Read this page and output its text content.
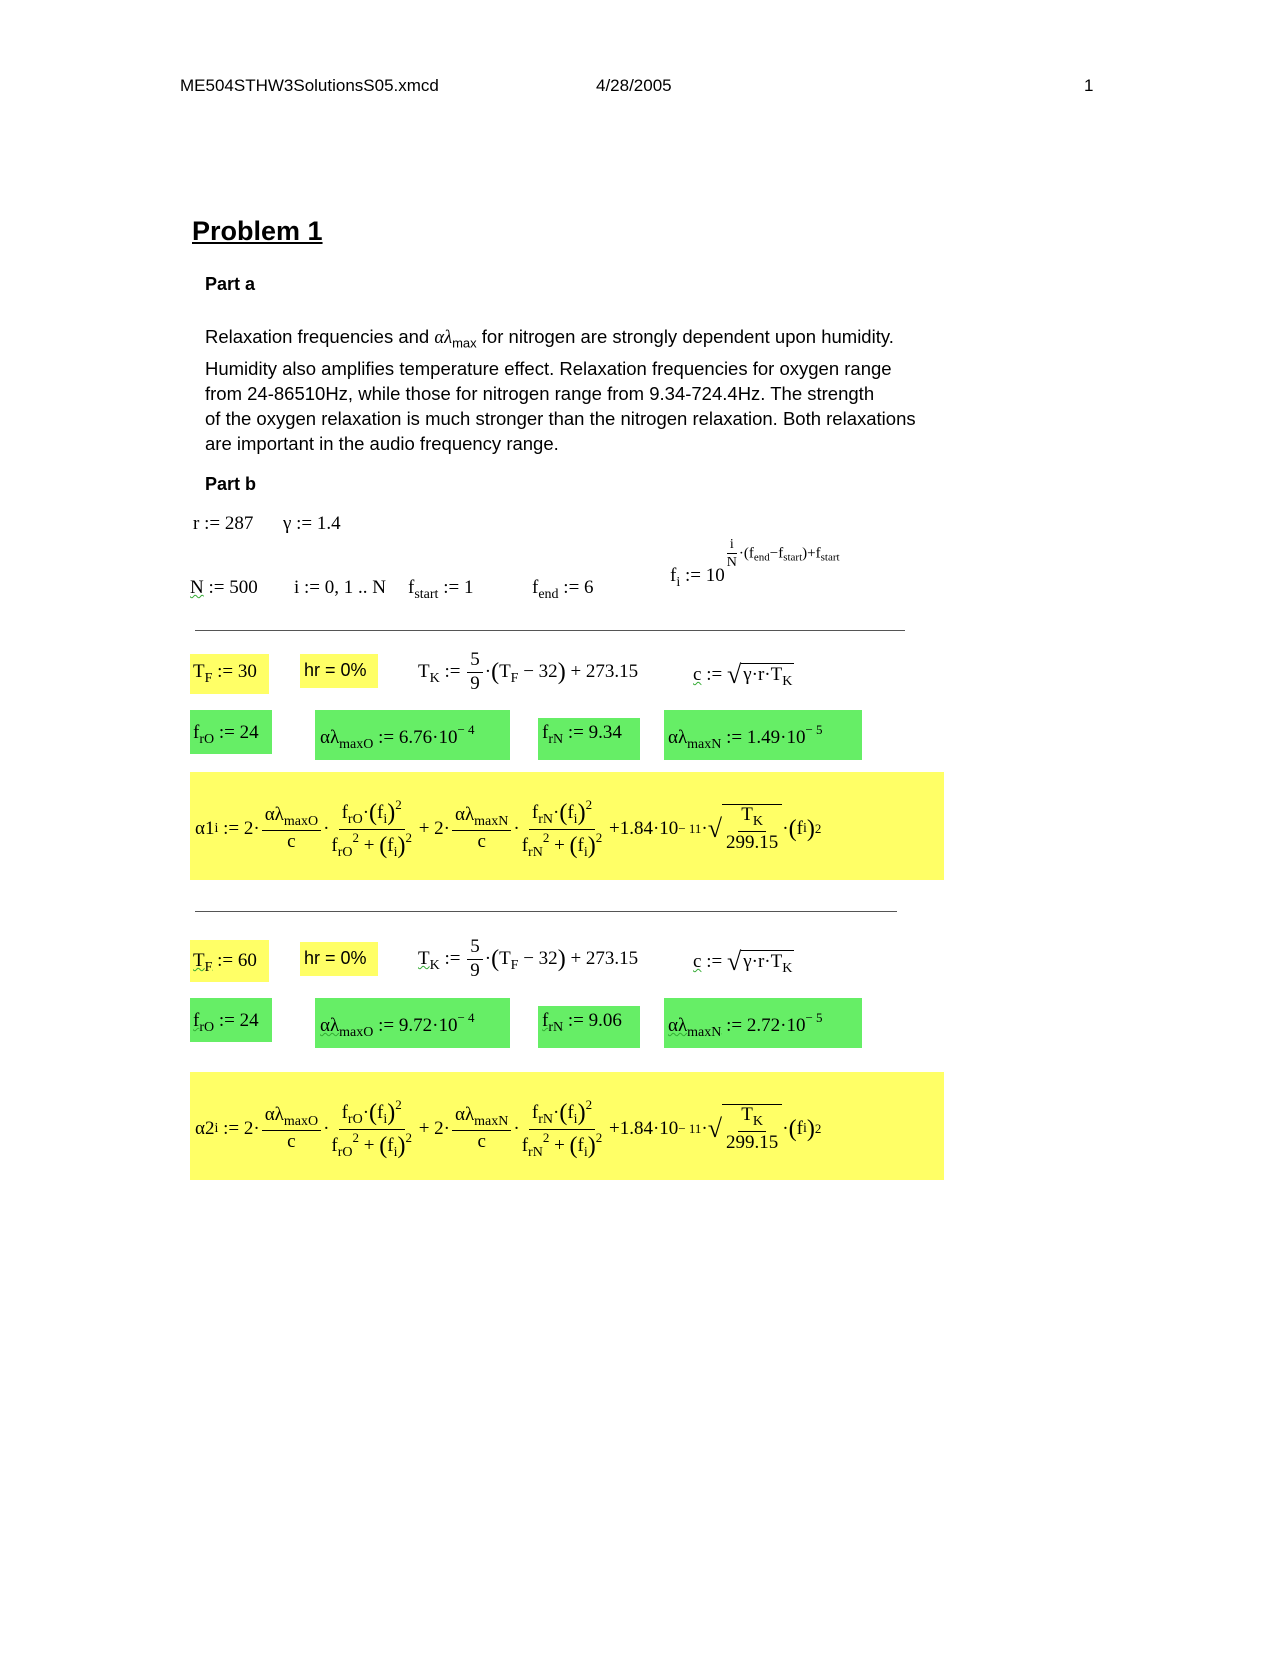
ME504STHW3SolutionsS05.xmcd	4/28/2005	1
Problem 1
Part a
Relaxation frequencies and $\alpha\lambda_{max}$ for nitrogen are strongly dependent upon humidity.
Humidity also amplifies temperature effect. Relaxation frequencies for oxygen range
from 24-86510Hz, while those for nitrogen range from 9.34-724.4Hz. The strength
of the oxygen relaxation is much stronger than the nitrogen relaxation. Both relaxations
are important in the audio frequency range.
Part b
r := 287 γ := 1.4
N := 500 i := 0, 1 .. N $f_{start}$ := 1	$f_{end}$ := 6
$f_i$ := 10
$\frac{i}{N} \cdot(f_{end}-f_{start})+f_{start}$
$T_F$ := 30	hr = 0%	$T_K$ := $\frac{5}{9} \cdot(T_F - 32) + 273.15$	c := √ $\gamma\cdot r\cdot T_K$
$f_{rO}$ := 24	$\alpha\lambda_{maxO}$ := $6.76\cdot 10^{- 4}$	$f_{rN}$ := 9.34 $\alpha\lambda_{maxN}$ := $1.49\cdot 10^{- 5}$
α1 i := $2\cdot \frac{\alpha\lambda_{maxO}}{c} \cdot \frac{f_{rO}\cdot(f_i)^2}{f_{rO}^2 + (f_i)^2} + 2\cdot \frac{\alpha\lambda_{maxN}}{c} \cdot \frac{f_{rN}\cdot(f_i)^2}{f_{rN}^2 + (f_i)^2} + 1.84\cdot 10 - 11$ · √ $\frac{T_K}{299.15}$ · ( f i ) 2
$T_F$ := 60	hr = 0%	$T_K$ := $\frac{5}{9} \cdot(T_F - 32) + 273.15$	c := √ $\gamma\cdot r\cdot T_K$
$f_{rO}$ := 24	$\alpha\lambda_{maxO}$ := $9.72\cdot 10^{- 4}$	$f_{rN}$ := 9.06 $\alpha\lambda_{maxN}$ := $2.72\cdot 10^{- 5}$
α2 i := $2\cdot \frac{\alpha\lambda_{maxO}}{c} \cdot \frac{f_{rO}\cdot(f_i)^2}{f_{rO}^2 + (f_i)^2} + 2\cdot \frac{\alpha\lambda_{maxN}}{c} \cdot \frac{f_{rN}\cdot(f_i)^2}{f_{rN}^2 + (f_i)^2} + 1.84\cdot 10 - 11$ · √ $\frac{T_K}{299.15}$ · ( f i ) 2
